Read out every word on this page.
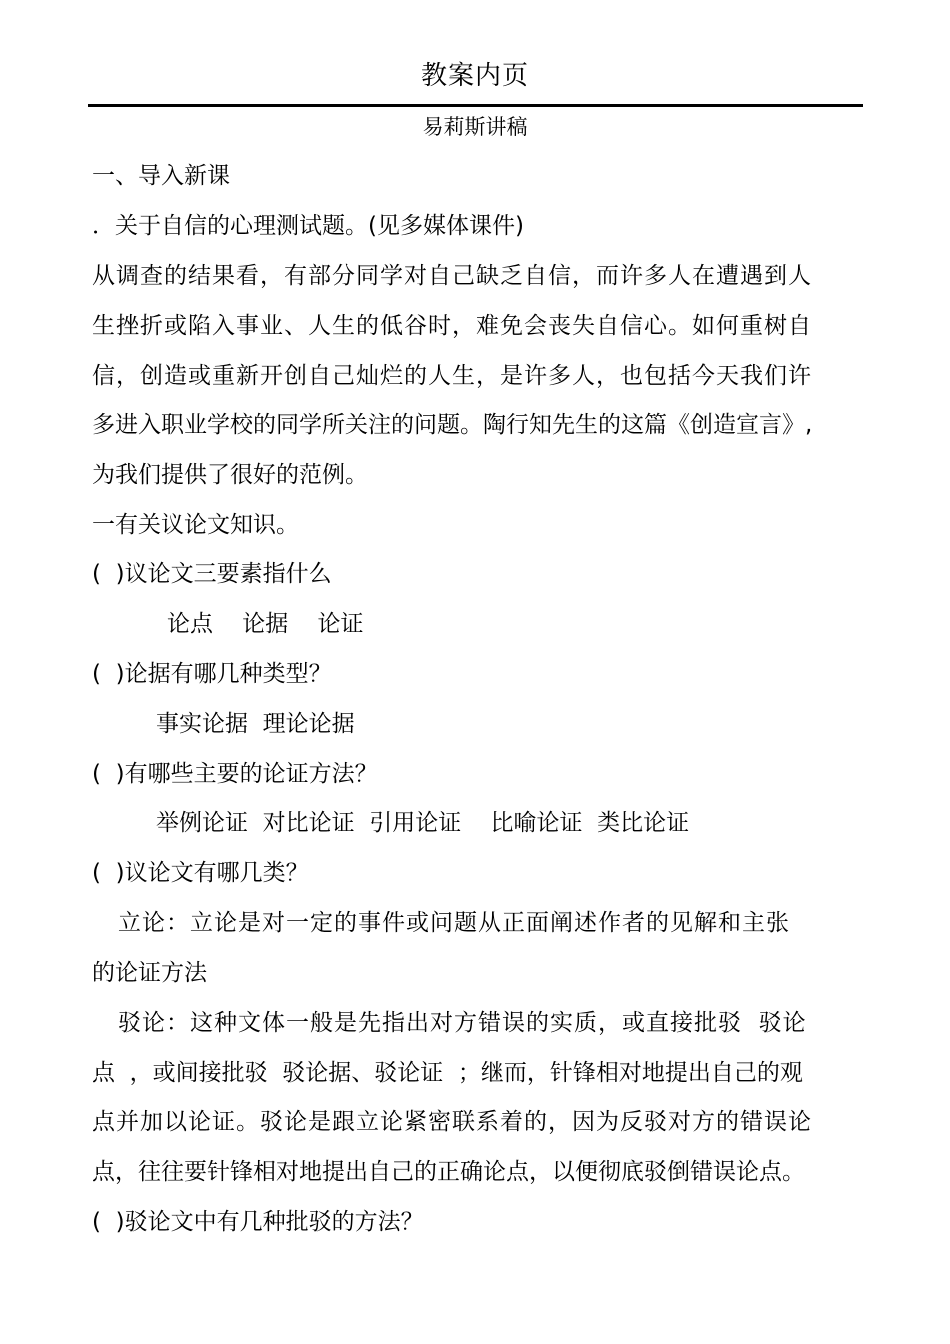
教案内页
易莉斯讲稿
一、导入新课
．关于自信的心理测试题。(见多媒体课件)
从调查的结果看，有部分同学对自己缺乏自信，而许多人在遭遇到人
生挫折或陷入事业、人生的低谷时，难免会丧失自信心。如何重树自
信，创造或重新开创自己灿烂的人生，是许多人，也包括今天我们许
多进入职业学校的同学所关注的问题。陶行知先生的这篇《创造宣言》,
为我们提供了很好的范例。
一有关议论文知识。
(  )议论文三要素指什么
论点    论据    论证
(  )论据有哪几种类型？
事实论据  理论论据
(  )有哪些主要的论证方法？
举例论证  对比论证  引用论证    比喻论证  类比论证
(  )议论文有哪几类？
立论：立论是对一定的事件或问题从正面阐述作者的见解和主张
的论证方法
驳论：这种文体一般是先指出对方错误的实质，或直接批驳  驳论
点  ，或间接批驳  驳论据、驳论证  ；继而，针锋相对地提出自己的观
点并加以论证。驳论是跟立论紧密联系着的，因为反驳对方的错误论
点，往往要针锋相对地提出自己的正确论点，以便彻底驳倒错误论点。
(  )驳论文中有几种批驳的方法？
